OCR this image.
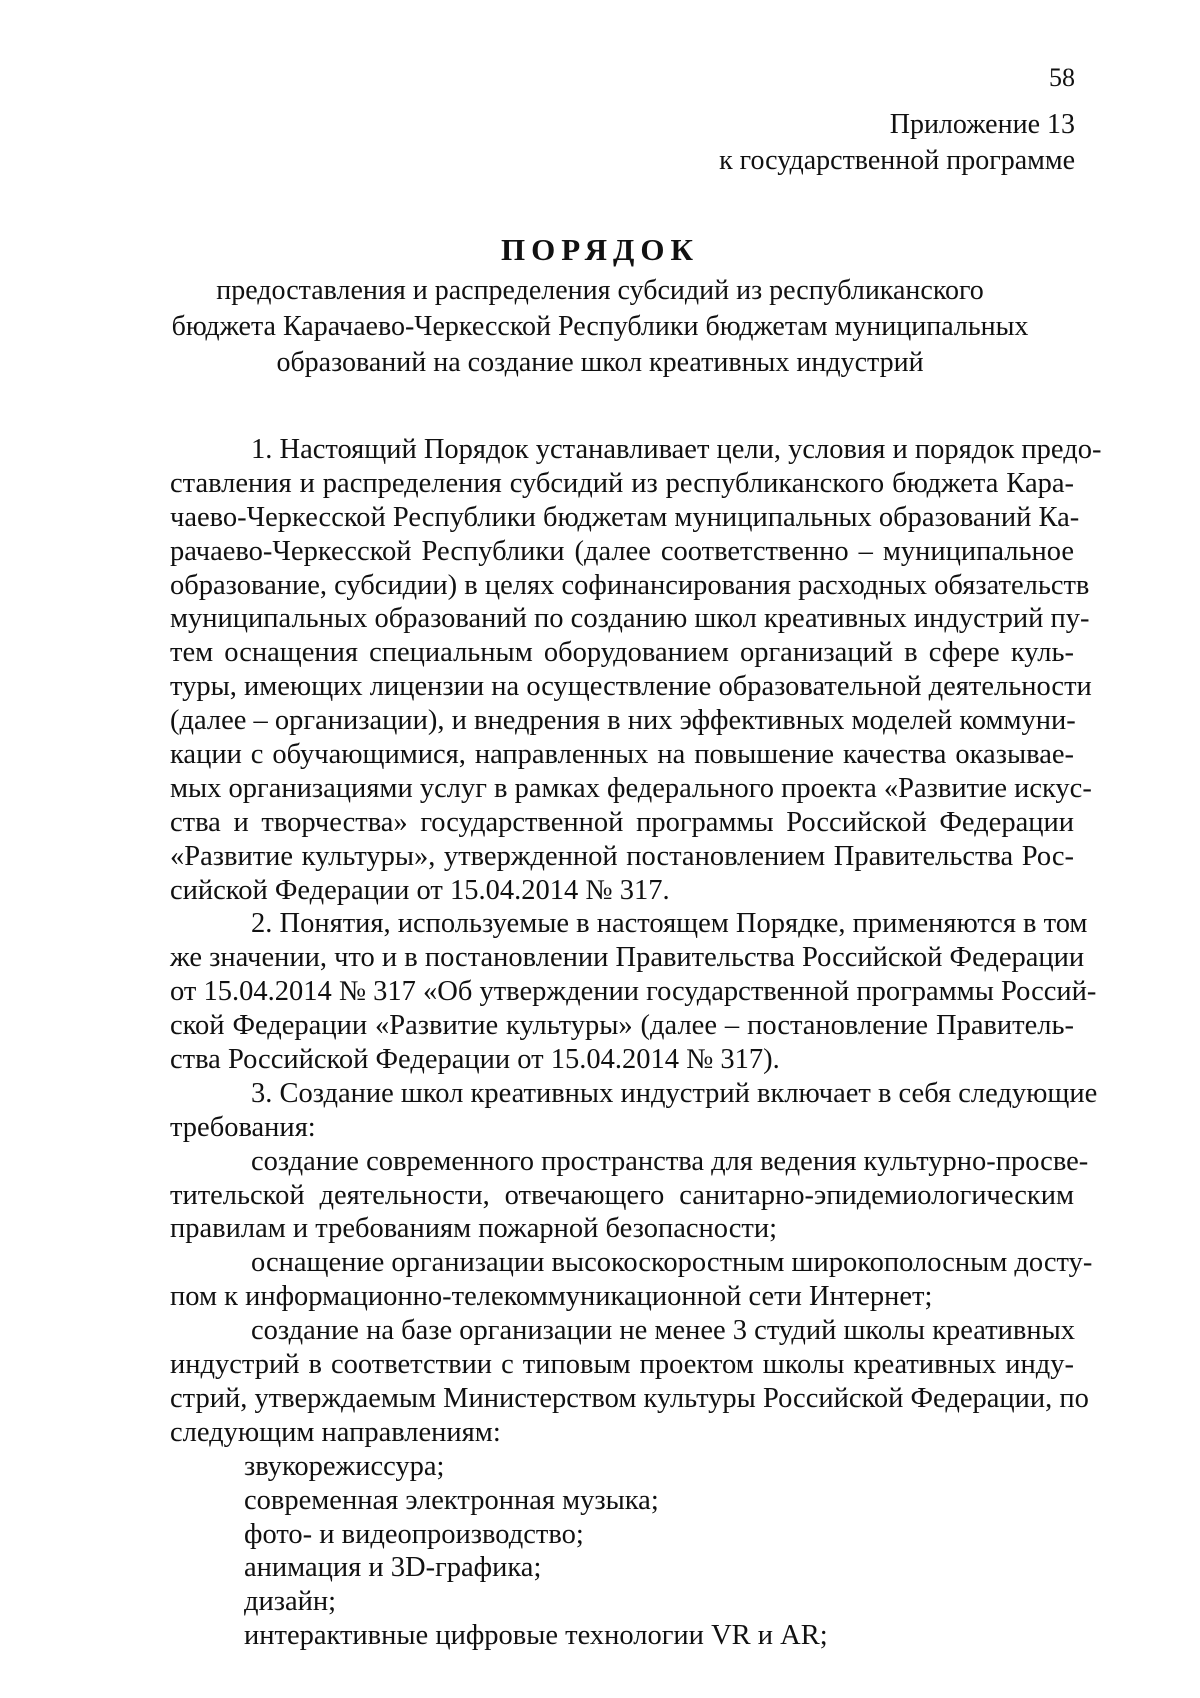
58
Приложение 13
к государственной программе
ПОРЯДОК
предоставления и распределения субсидий из республиканского
бюджета Карачаево-Черкесской Республики бюджетам муниципальных
образований на создание школ креативных индустрий
1. Настоящий Порядок устанавливает цели, условия и порядок предо-
ставления и распределения субсидий из республиканского бюджета Кара-
чаево-Черкесской Республики бюджетам муниципальных образований Ка-
рачаево-Черкесской Республики (далее соответственно – муниципальное
образование, субсидии) в целях софинансирования расходных обязательств
муниципальных образований по созданию школ креативных индустрий пу-
тем оснащения специальным оборудованием организаций в сфере куль-
туры, имеющих лицензии на осуществление образовательной деятельности
(далее – организации), и внедрения в них эффективных моделей коммуни-
кации с обучающимися, направленных на повышение качества оказывае-
мых организациями услуг в рамках федерального проекта «Развитие искус-
ства и творчества» государственной программы Российской Федерации
«Развитие культуры», утвержденной постановлением Правительства Рос-
сийской Федерации от 15.04.2014 № 317.
2. Понятия, используемые в настоящем Порядке, применяются в том
же значении, что и в постановлении Правительства Российской Федерации
от 15.04.2014 № 317 «Об утверждении государственной программы Россий-
ской Федерации «Развитие культуры» (далее – постановление Правитель-
ства Российской Федерации от 15.04.2014 № 317).
3. Создание школ креативных индустрий включает в себя следующие
требования:
создание современного пространства для ведения культурно-просве-
тительской деятельности, отвечающего санитарно-эпидемиологическим
правилам и требованиям пожарной безопасности;
оснащение организации высокоскоростным широкополосным досту-
пом к информационно-телекоммуникационной сети Интернет;
создание на базе организации не менее 3 студий школы креативных
индустрий в соответствии с типовым проектом школы креативных инду-
стрий, утверждаемым Министерством культуры Российской Федерации, по
следующим направлениям:
звукорежиссура;
современная электронная музыка;
фото- и видеопроизводство;
анимация и 3D-графика;
дизайн;
интерактивные цифровые технологии VR и AR;
